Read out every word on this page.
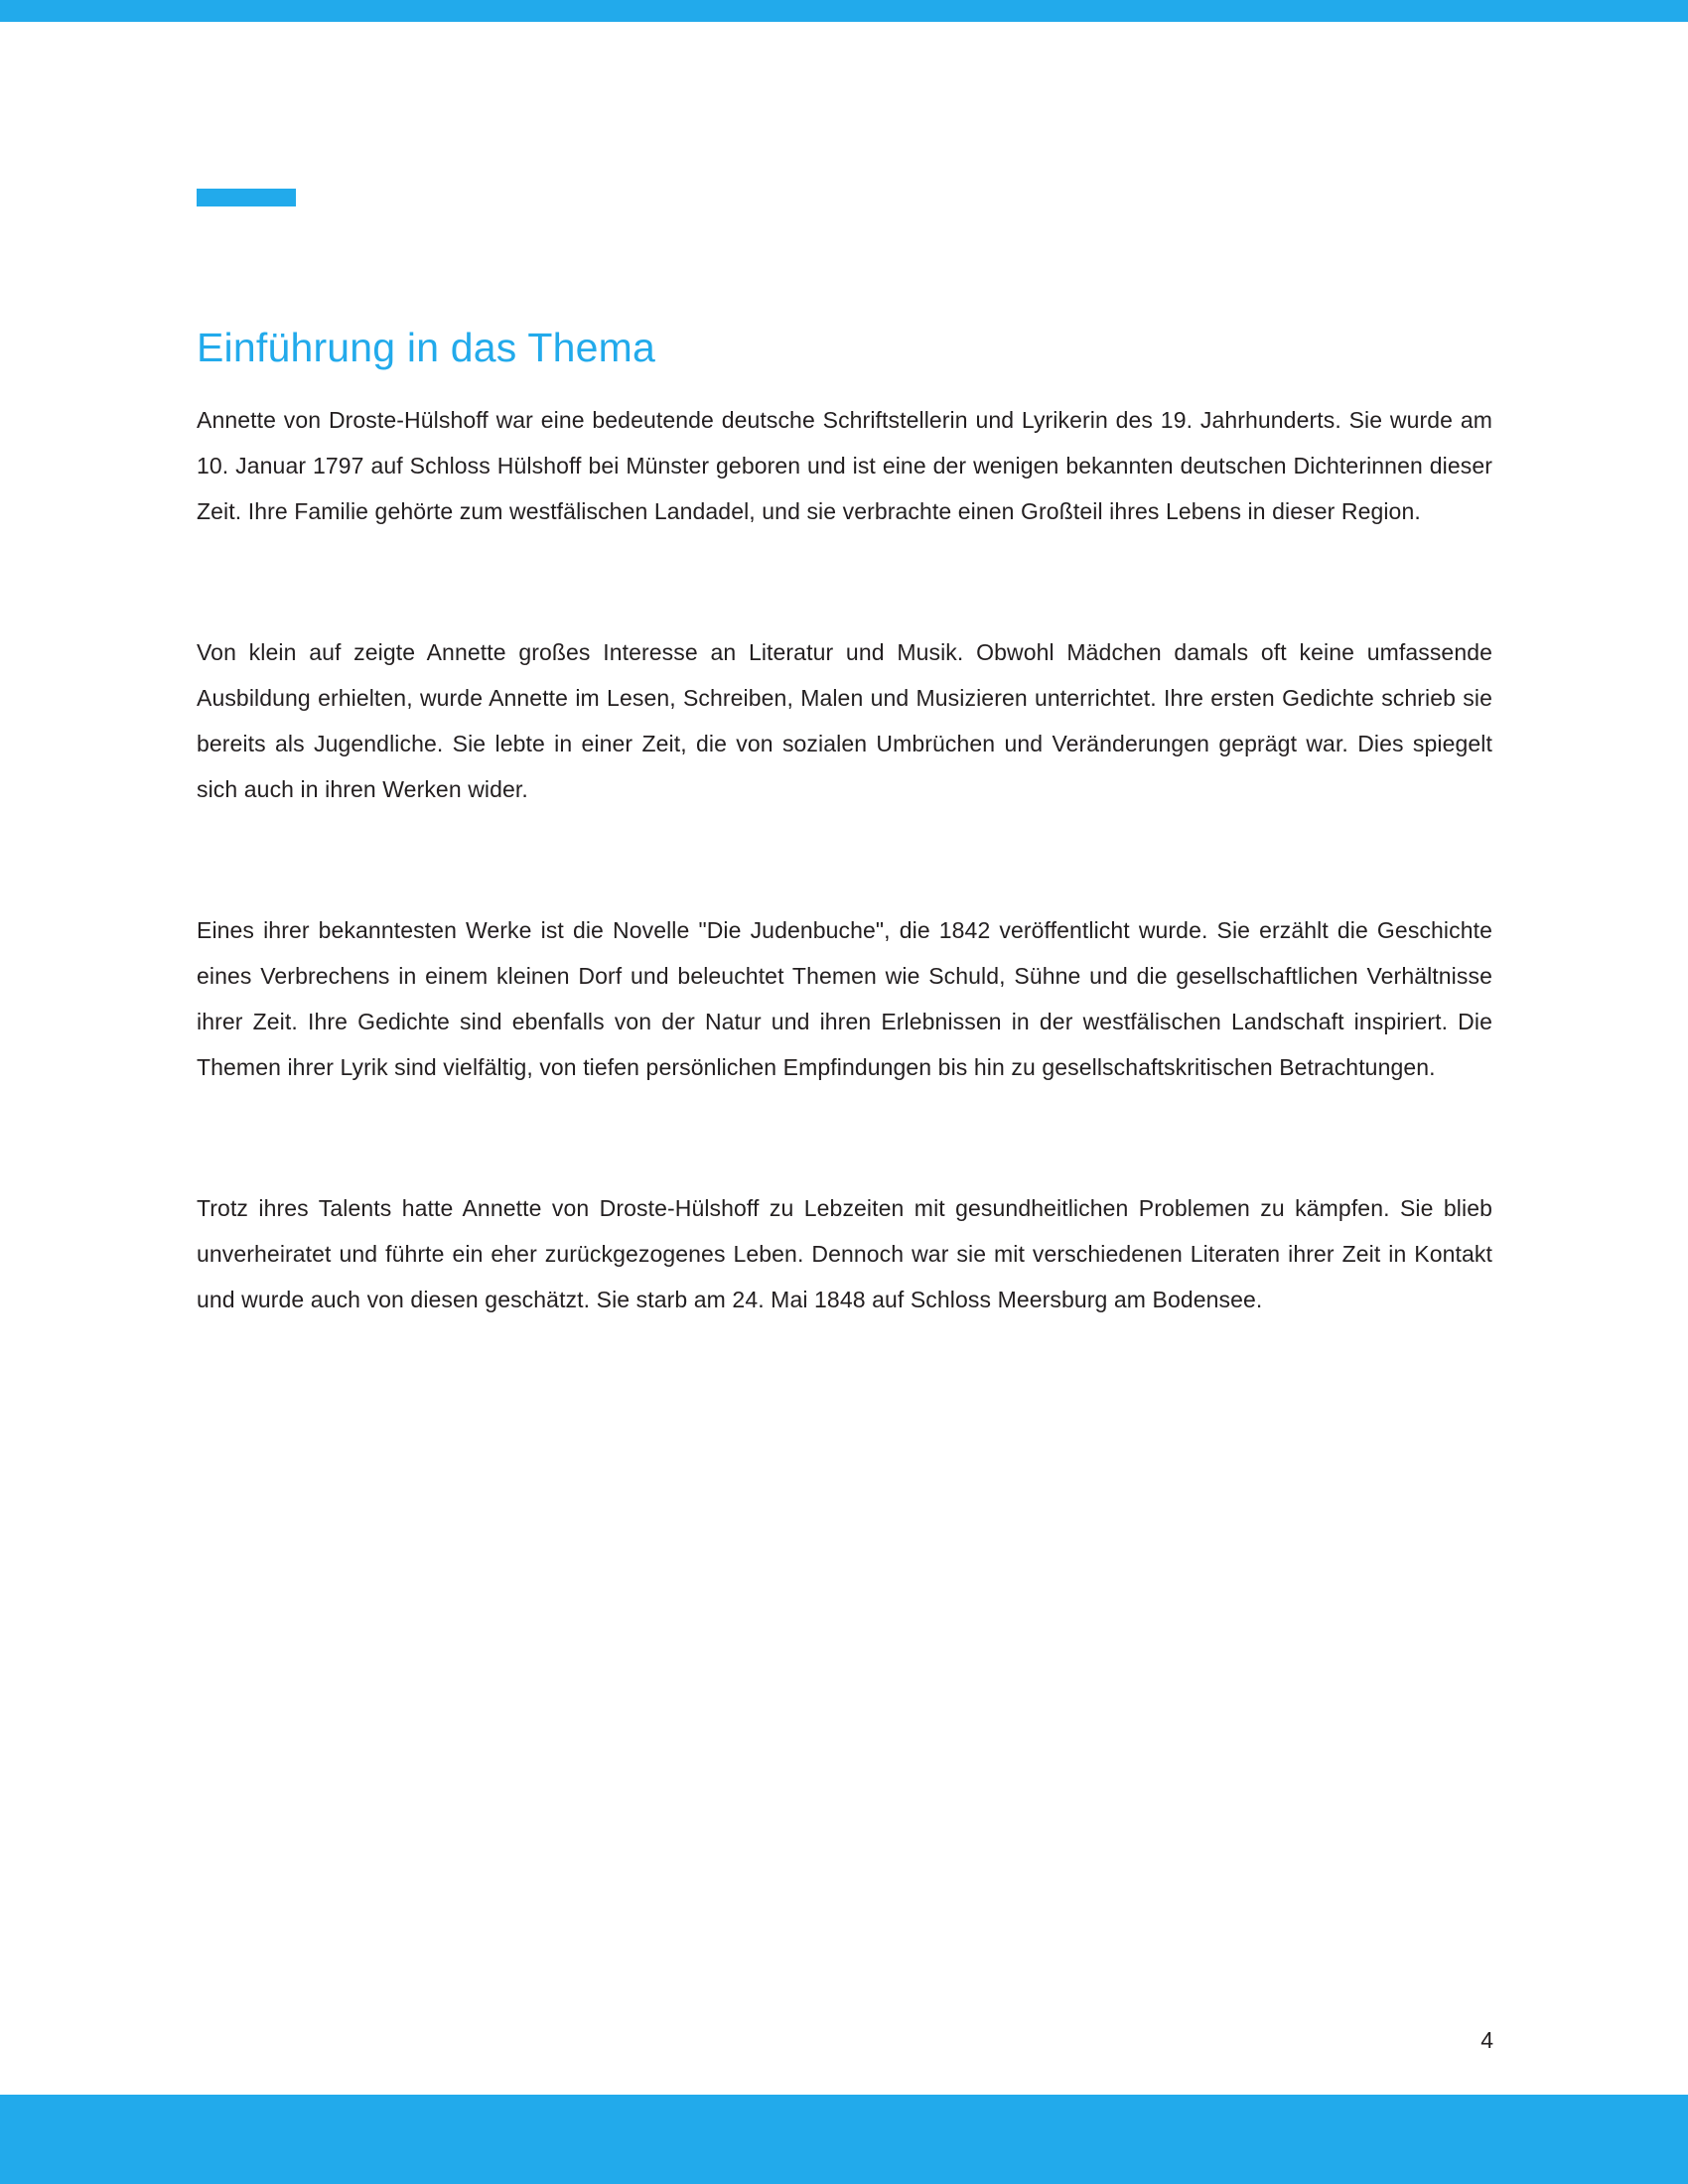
Einführung in das Thema

Annette von Droste-Hülshoff war eine bedeutende deutsche Schriftstellerin und Lyrikerin des 19. Jahrhunderts. Sie wurde am 10. Januar 1797 auf Schloss Hülshoff bei Münster geboren und ist eine der wenigen bekannten deutschen Dichterinnen dieser Zeit. Ihre Familie gehörte zum westfälischen Landadel, und sie verbrachte einen Großteil ihres Lebens in dieser Region.

Von klein auf zeigte Annette großes Interesse an Literatur und Musik. Obwohl Mädchen damals oft keine umfassende Ausbildung erhielten, wurde Annette im Lesen, Schreiben, Malen und Musizieren unterrichtet. Ihre ersten Gedichte schrieb sie bereits als Jugendliche. Sie lebte in einer Zeit, die von sozialen Umbrüchen und Veränderungen geprägt war. Dies spiegelt sich auch in ihren Werken wider.

Eines ihrer bekanntesten Werke ist die Novelle "Die Judenbuche", die 1842 veröffentlicht wurde. Sie erzählt die Geschichte eines Verbrechens in einem kleinen Dorf und beleuchtet Themen wie Schuld, Sühne und die gesellschaftlichen Verhältnisse ihrer Zeit. Ihre Gedichte sind ebenfalls von der Natur und ihren Erlebnissen in der westfälischen Landschaft inspiriert. Die Themen ihrer Lyrik sind vielfältig, von tiefen persönlichen Empfindungen bis hin zu gesellschaftskritischen Betrachtungen.

Trotz ihres Talents hatte Annette von Droste-Hülshoff zu Lebzeiten mit gesundheitlichen Problemen zu kämpfen. Sie blieb unverheiratet und führte ein eher zurückgezogenes Leben. Dennoch war sie mit verschiedenen Literaten ihrer Zeit in Kontakt und wurde auch von diesen geschätzt. Sie starb am 24. Mai 1848 auf Schloss Meersburg am Bodensee.

4
